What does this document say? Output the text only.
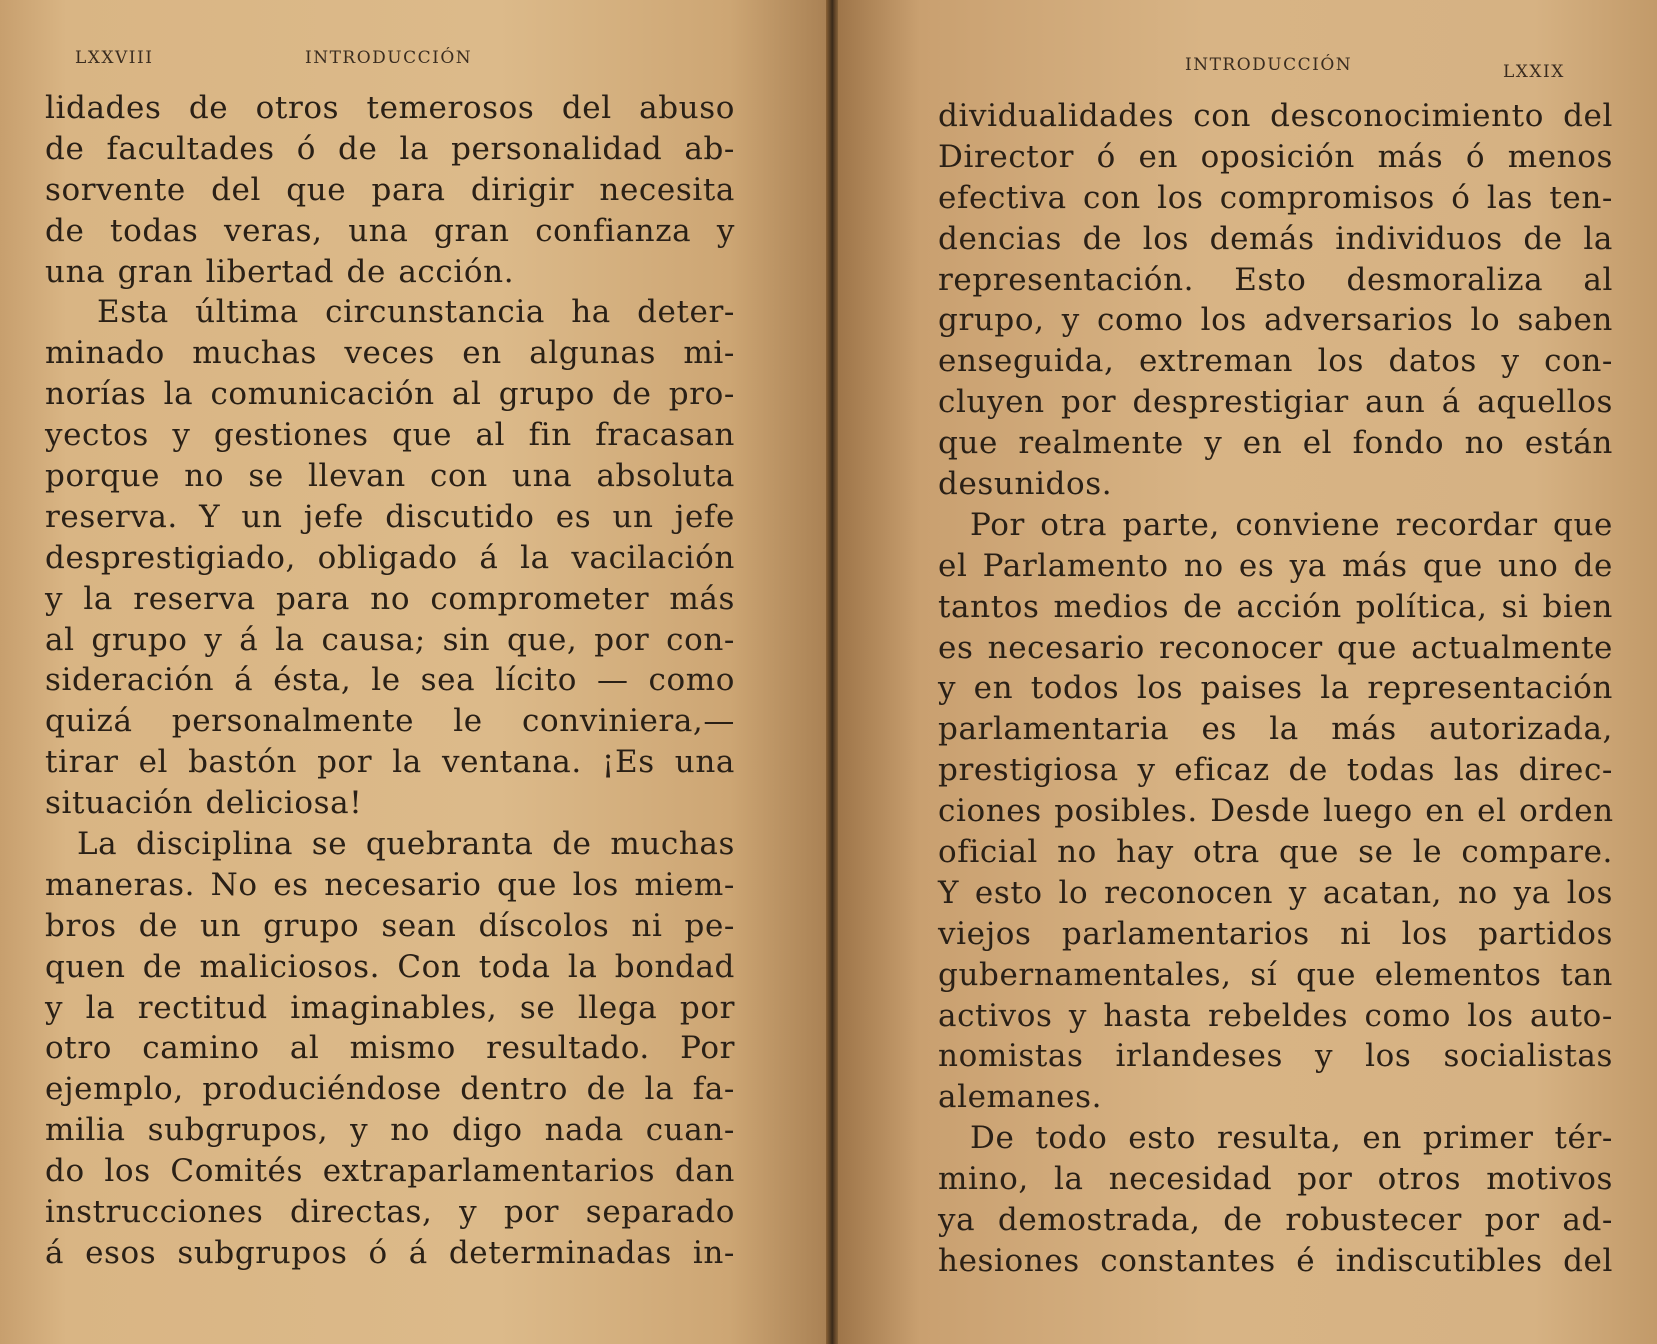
LXXVIII	INTRODUCCIÓN
lidades de otros temerosos del abuso
de facultades ó de la personalidad ab-
sorvente del que para dirigir necesita
de todas veras, una gran confianza y
una gran libertad de acción.
Esta última circunstancia ha deter-
minado muchas veces en algunas mi-
norías la comunicación al grupo de pro-
yectos y gestiones que al fin fracasan
porque no se llevan con una absoluta
reserva. Y un jefe discutido es un jefe
desprestigiado, obligado á la vacilación
y la reserva para no comprometer más
al grupo y á la causa; sin que, por con-
sideración á ésta, le sea lícito — como
quizá personalmente le conviniera,—
tirar el bastón por la ventana. ¡Es una
situación deliciosa!
La disciplina se quebranta de muchas
maneras. No es necesario que los miem-
bros de un grupo sean díscolos ni pe-
quen de maliciosos. Con toda la bondad
y la rectitud imaginables, se llega por
otro camino al mismo resultado. Por
ejemplo, produciéndose dentro de la fa-
milia subgrupos, y no digo nada cuan-
do los Comités extraparlamentarios dan
instrucciones directas, y por separado
á esos subgrupos ó á determinadas in-
INTRODUCCIÓN	LXXIX
dividualidades con desconocimiento del
Director ó en oposición más ó menos
efectiva con los compromisos ó las ten-
dencias de los demás individuos de la
representación. Esto desmoraliza al
grupo, y como los adversarios lo saben
enseguida, extreman los datos y con-
cluyen por desprestigiar aun á aquellos
que realmente y en el fondo no están
desunidos.
Por otra parte, conviene recordar que
el Parlamento no es ya más que uno de
tantos medios de acción política, si bien
es necesario reconocer que actualmente
y en todos los paises la representación
parlamentaria es la más autorizada,
prestigiosa y eficaz de todas las direc-
ciones posibles. Desde luego en el orden
oficial no hay otra que se le compare.
Y esto lo reconocen y acatan, no ya los
viejos parlamentarios ni los partidos
gubernamentales, sí que elementos tan
activos y hasta rebeldes como los auto-
nomistas irlandeses y los socialistas
alemanes.
De todo esto resulta, en primer tér-
mino, la necesidad por otros motivos
ya demostrada, de robustecer por ad-
hesiones constantes é indiscutibles del
